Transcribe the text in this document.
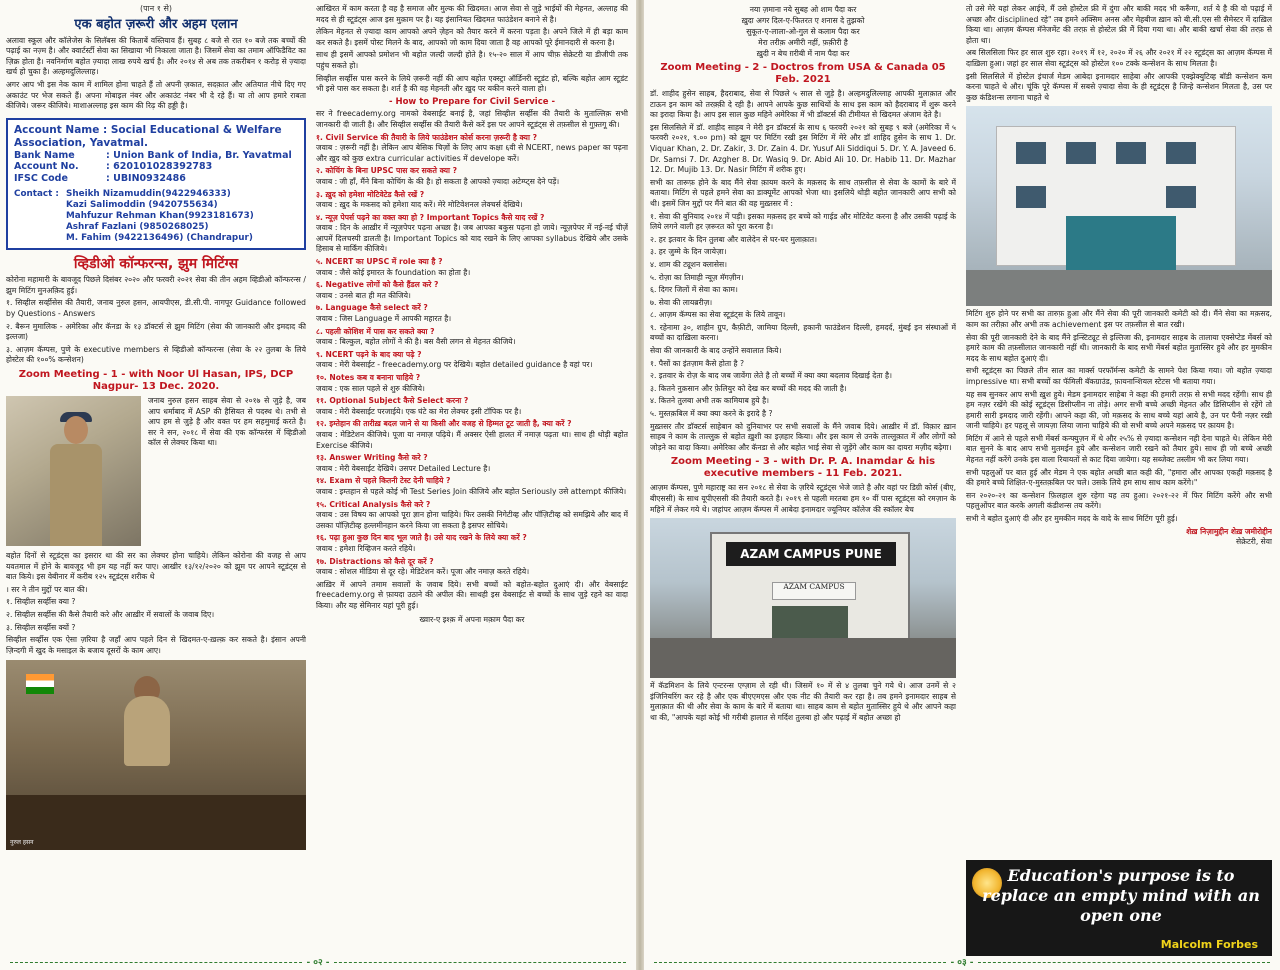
(पान १ से)
एक बहोत ज़रूरी और अहम एलान

अलावा स्कूल और कॉलेजेस के सिलॅबस की किताबें वस्तियाव हैं। सुबह ८ बजे से रात १० बजे तक बच्चों की पढ़ाई का नज़्म है। और क्वार्टर्स्टी सेवा का सिखाया भी निकाला जाता है। जिसमें सेवा का तमाम ऑफिडैविट का ज़िक्र होता है। नवनिर्माण बहोत ज़्यादा लाख रुपये खर्च है। और २०१४ से अब तक तकरीबन १ करोड़ से ज़्यादा खर्च हो चुका है। अल्हमदुलिल्लाह।

अगर आप भी इस नेक काम में शामिल होना चाहते हैं तो अपनी ज़कात, सदक़ात और अतियात नीचे दिए गए अकाउंट पर भेज सकते हैं। अपना मोबाइल नंबर और अकाउंट नंबर भी दे रहे हैं। या तो आप हमारे राबता कीजिये। जरूर कीजिये। माशाअल्लाह इस काम की रिढ़ की हड्डी है।

Account Name : Social Educational & Welfare Association, Yavatmal.
Bank Name	: Union Bank of India, Br. Yavatmal
Account No.	: 620101028392783
IFSC Code	: UBIN0932486
Contact : Sheikh Nizamuddin(9422946333)
Kazi Salimoddin (9420755634)
Mahfuzur Rehman Khan(9923181673)
Ashraf Fazlani (9850268025)
M. Fahim (9422136496) (Chandrapur)
व्हिडीओ कॉन्फरन्स, झुम मिटिंग्स

कोरोना महामारी के बावजूद पिछले दिसंबर २०२० और फरवरी २०२१ सेवा की तीन अहम व्हिडीओ कॉन्फरन्स / झुम मिटिंग मुनअक़िद हुई।

१. सिव्हील सर्व्हीसेस की तैयारी, जनाब नुरुल हसन, आयपीएस, डी.सी.पी. नागपूर Guidance followed by Questions - Answers

२. बैरून मुमालिक - अमेरिका और कॅनडा के १३ डॉक्टर्स से झुम मिटिंग (सेवा की जानकारी और इमदाद की इल्तजा)

३. आज़म कॅम्पस, पुणे के executive members से व्हिडीओ कॉन्फरन्स (सेवा के २२ तुलबा के लिये होस्टेल की १००% कन्सेशन)

Zoom Meeting - 1 - with Noor Ul Hasan, IPS, DCP Nagpur- 13 Dec. 2020.

जनाब नुरुल हसन साहब सेवा से २०१७ से जुड़े है, जब आप धर्माबाद में ASP की हैसियत से पदस्थ थे। तभी से आप हम से जुड़े है और वक्त पर हम सहमुमाई करते है। सर ने सन, २०१८ में सेवा की एक कॉन्फरंस में व्हिडीओ कॉल से लेक्चर किया था।

बहोत दिनों से स्टूडंट्स का इसरार था की सर का लेक्चर होना चाहिये। लेकिन कोरोना की वजह से आप यवतमाल में होने के बावजूद भी हम यह नहीं कर पाए। आखीर १३/१२/२०२० को झूम पर आपने स्टूडंट्स से बात किये। इस वेबीनार में करीब १२५ स्टूडंट्स शरीक थे

। सर ने तीन मुद्दों पर बात की।

१. सिव्हील सर्व्हीस क्या ?

२. सिव्हील सर्व्हीस की कैसे तैयारी करे और आख़ीर में सवालों के जवाब दिए।

३. सिव्हील सर्व्हीस क्यों ?

सिव्हील सर्व्हीस एक ऐसा ज़रिया है जहाँ आप पहले दिन से खिदमत-ए-ख़ल्क़ कर सकते है। इंसान अपनी ज़िन्दगी में खुद के मसाइल के बजाय दूसरों के काम आए।

नुरुल हसन

आखिरत में काम करता है वह है समाज और मुल्क की खिदमत। आज सेवा से जुड़े भाईयों की मेहनत, अल्लाह की मदद से ही स्टूडंट्स आज इस मुक़ाम पर है। यह इंसानियत खिदमत फाउंडेशन बनाने से है।

लेकिन मेहनत से ज़्यादा काम आपको अपने ज़ेहन को तैयार करने में करना पड़ता है। अपने जिले में ही बड़ा काम कर सकते है। इसमें पोस्ट मिलने के बाद, आपको जो काम दिया जाता है वह आपको पूरे ईमानदारी से करना है।

साथ ही इसमें आपको प्रमोशन भी बहोत जल्दी जल्दी होते है। १५-२० साल में आप चीफ़ सेक्रेटरी या डीजीपी तक पहुंच सकते हो।

सिव्हील सर्व्हीस पास करने के लिये ज़रूरी नहीं की आप बहोत एक्स्ट्रा ऑर्डिनरी स्टूडंट हो, बल्कि बहोत आम स्टूडंट भी इसे पास कर सकता है। शर्त है की वह मेहनती और ख़ुद पर यकीन करने वाला हो।

- How to Prepare for Civil Service -

सर ने freecademy.org नामको वेबसाईट बनाई है, जहां सिव्हील सर्व्हीस की तैयारी के मुताल्लिक़ सभी जानकारी दी जाती है। और सिव्हील सर्व्हीस की तैयारी कैसे करें इस पर आपने स्टूडंट्स से तफ़सील से गुफ़्तगू की।

१. Civil Service की तैयारी के लिये फाउंडेशन कोर्स करना ज़रूरी है क्या ?

जवाब : ज़रूरी नहीं है। लेकिन आप बेसिक चिज़ों के लिए आप कक्षा ६वी से NCERT, news paper का पढ़ना और ख़ुद को कुछ extra curricular activities में develope करें।

२. कोचिंग के बिना UPSC पास कर सकते क्या ?

जवाब : जी हाँ, मैंने बिना कोचिंग के की है। हो सकता है आपको ज़्यादा अटेम्प्ट्स देने पड़ें।

३. ख़ुद को हमेशा मोटिवेटेड कैसे रखें ?

जवाब : ख़ुद के मकसद को हमेशा याद करें। मेरे मोटिवेशनल लेक्चर्स देखिये।

४. न्यूज़ पेपर्स पढ़ने का वक्त क्या हो ? Important Topics कैसे याद रखें ?

जवाब : दिन के आख़ीर में न्यूज़पेपर पढ़ना अच्छा है। जब आपका बकुस पढ़ना हो जाये। न्यूज़पेपर में नई-नई चीज़ें आपमें दिलचस्पी डालती है। Important Topics को याद रखने के लिए आपका syllabus देखिये और उसके हिसाब से मार्किंग कीजिये।

५. NCERT का UPSC में role क्या है ?

जवाब : जैसे कोई इमारत के foundation का होता है।

६. Negative लोगों को कैसे हैंडल करे ?

जवाब : उनसे बात ही मत कीजिये।

७. Language कैसे select करें ?

जवाब : जिस Language में आपकी महारत है।

८. पहली कोशिश में पास कर सकते क्या ?

जवाब : बिल्कुल, बहोत लोगों ने की है। बस वैसी लगन से मेहनत कीजिये।

९. NCERT पढ़ने के बाद क्या पढ़े ?

जवाब : मेरी वेबसाईट - freecademy.org पर देखिये। बहोत detailed guidance है वहां पर।

१०. Notes कब व बनाना चाहिये ?

जवाब : एक साल पहले से शुरु कीजिये।

११. Optional Subject कैसे Select करना ?

जवाब : मेरी वेबसाईट परजाईये। एक घंटे का मेरा लेक्चर इसी टॉपिक पर है।

१२. इम्तेहान की तारीख़ बदल जाने से या किसी और वजह से हिम्मत टूट जाती है, क्या करें ?

जवाब : मेडिटेशन कीजिये। पूजा या नमाज़ पढ़िये। मैं अक्सर ऐसी हालत में नमाज़ पढ़ता था। साथ ही थोड़ी बहोत Exercise कीजिये।

१३. Answer Writing कैसे करे ?

जवाब : मेरी वेबसाईट देखिये। उसपर Detailed Lecture है।

१४. Exam से पहले कितनी टेस्ट देनी चाहिये ?

जवाब : इम्तहान से पहले कोई भी Test Series Join कीजिये और बहोत Seriously उसे attempt कीजिये।

१५. Critical Analysis कैसे करे ?

जवाब : उस विषय का आपको पूरा ज्ञान होना चाहिये। फिर उसकी निगेटीव्ह और पॉज़िटीव्ह को समझिये और बाद में उसका पॉज़िटीव्ह हल्लमीनहान करने किया जा सकता है इसपर सोचिये।

१६. पढ़ा हुआ कुछ दिन बाद भूल जाते है। उसे याद रखने के लिये क्या करें ?

जवाब : हमेशा रिव्हिजन करते रहिये।

१७. Distractions को कैसे दूर करें ?

जवाब : सोशल मीडिया से दूर रहे। मेडिटेशन करें। पूजा और नमाज़ करते रहिये।

आख़िर में आपने तमाम सवालों के जवाब दिये। सभी बच्चों को बहोत-बहोत दुआएं दी। और वेबसाईट freecademy.org से फ़ायदा उठाने की अपील की। साथही इस वेबसाईट से बच्चों के साथ जुड़े रहने का वादा किया। और यह सेमिनार यहां पूरी हुई।

ख्वार-ए इश्क़ में अपना मक़ाम पैदा कर
- ०२ -
नया ज़माना नये सुबह ओ शाम पैदा कर
ख़ुदा अगर दिल-ए-फितरत ए शनास दे तुझको
सुकूत-ए-लाला-ओ-गुल से कलाम पैदा कर
मेरा तरीक़ अमीरी नहीं, फ़क़ीरी है
ख़ुदी न बेच ग़रीबी में नाम पैदा कर
Zoom Meeting - 2 - Doctros from USA & Canada 05 Feb. 2021

डॉ. शाहीद हुसेन साहब, हैदराबाद, सेवा से पिछले ५ साल से जुड़े है। अल्हमदुलिल्लाह आपकी मुलाक़ात और टाऊन इन काम को तरक़्क़ी दे रही है। आपने आपके कुछ साथियों के साथ इस काम को हैदराबाद में शुरू करने का इरादा किया है। आप इस साल कुछ महिने अमेरिका में भी डॉक्टर्स की टीमीयत से खिदमत अंजाम देते है।

इस सिलसिले में डॉ. शाहीद साहब ने मेरी इन डॉक्टर्स के साथ ६ फरवरी २०२१ को सुबह ९ बजे (अमेरिका में ५ फरवरी २०२१, ९.०० pm) को झूम पर मिटिंग रखी इस मिटिंग में मेरे और डॉ शाहिद हुसेन के साथ 1. Dr. Viquar Khan, 2. Dr. Zakir, 3. Dr. Zain 4. Dr. Yusuf Ali Siddiqui 5. Dr. Y. A. Javeed 6. Dr. Samsi 7. Dr. Azgher 8. Dr. Wasiq 9. Dr. Abid Ali 10. Dr. Habib 11. Dr. Mazhar 12. Dr. Mujib 13. Dr. Nasir मिटिंग में शरीक हुए।

सभी का तारूफ़ होने के बाद मैंने सेवा क़ायम करने के मक़सद के साथ तफ़सील से सेवा के कामों के बारे में बताया। मिटिंग से पहले हमने सेवा का डाक्यूमेंट आपको भेजा था। इसलिये थोड़ी बहोत जानकारी आप सभी को थी। इसमें जिन मुद्दों पर मैंने बात की वह मुख़्तसर में :

१. सेवा की बुनियाद २०१४ में पड़ी। इसका मक़सद हर बच्चे को गाईड और मोटिवेट करना है और उसकी पढ़ाई के लिये लगने वाली हर ज़रूरत को पूरा करना है।

२. हर इतवार के दिन तुलबा और वालेदेन से घर-घर मुलाक़ात।

३. हर जुम्मे के दिन जायेज़ा।

४. शाम की ट्यूशन क्लासेस।

५. रोज़ा का तिमाही न्यूज़ मॅगज़ीन।

६. दिगर जिलों में सेवा का काम।

७. सेवा की लायब्ररीज़।

८. आज़म कॅम्पस का सेवा स्टूडंट्स के लिये तावून।

९. रहेनामा ३०, शाहीन ग्रुप, कैफ़ीटी, जामिया दिल्ली, हकानी फाउंडेशन दिल्ली, हमदर्द, मुंबई इन संस्थाओं में बच्चों का दाख़िला करना।

सेवा की जानकारी के बाद उन्होंने सवालात किये।

१. पैसों का इंतज़ाम कैसे होता है ?

२. इतवार के रोज़ के बाद जब जावेंगा लेते है तो बच्चों में क्या क्या बदलाव दिखाई देता है।

३. कितने नुक़सान और फ़ेलियुर को देख कर बच्चों की मदद की जाती है।

४. कितने तुलबा अभी तक कामियाब हुये है।

५. मुस्तक़बिल में क्या क्या करने के इरादे है ?

मुख़्तसर तौर डॉक्टर्स साहेबान को दुनियाभर पर सभी सवालों के मैंने जवाब दिये। आख़ीर में डॉ. विक़ार ख़ान साहब ने काम के ताल्लुक़ से बहोत ख़ुशी का इज़हार किया। और इस काम से उनके ताल्लुक़ात में और लोगों को जोड़ने का वादा किया। अमेरिका और कॅनडा से और बहोत भाई सेवा से जुड़ेंगे और काम का दायरा मज़ीद बढ़ेगा।

Zoom Meeting - 3 - with Dr. P. A. Inamdar & his executive members - 11 Feb. 2021.

आज़म कॅम्पस, पुणे महाराष्ट्र का सन २०१८ से सेवा के ज़रिये स्टूडंट्स भेजे जाते है और वहां पर डिग्री कोर्स (बीए, बीएससी) के साथ यूपीएससी की तैयारी करते है। २०१९ से पहली मरतबा हम १० वीं पास स्टूडंट्स को रमज़ान के महिने में लेकर गये थे। जहांपर आज़म कॅम्पस में आबेदा इनामदार ज्यूनियर कॉलेज की स्कॉलर बेच

AZAM CAMPUS PUNE
AZAM CAMPUS

में कॅडमिशन के लिये एन्टरन्स एग्ज़ाम ले रही थी। जिसमें १० में से ४ तुलबा चुने गये थे। आज उनमें से २ इंजिनियरिंग कर रहे है और एक बीएएमएस और एक नीट की तैयारी कर रहा है। तब हमने इनामदार साहब से मुलाक़ात की थी और सेवा के काम के बारे में बताया था। साहब काम से बहोत मुतास्सिर हुये थे और आपने कहा था की, "आपके यहां कोई भी गरीबी हालात से गर्दिश तुलबा हो और पढ़ाई में बहोत अच्छा हो

तो उसे मेरे यहां लेकर आईये, मैं उसे होस्टेल फ्री में दुंगा और बाकी मदद भी करूँगा, शर्त ये है की वो पढ़ाई में अच्छा और disciplined रहे" तब हमने अक्सिम अनस और मेहबीज ख़ान को बी.सी.एस सी सैमेस्टर में दाख़िल किया था। आज़म कॅम्पस मॅनेजमेंट की तरफ़ से होस्टेल फ्री मेें दिया गया था। और बाकी खर्चा सेवा की तरफ़ से होता था।

अब सिलसिला फिर हर साल शुरु रहा। २०१९ में १२, २०२० में २६ और २०२१ में २२ स्टूडंट्स का आज़म कॅम्पस में दाख़िला हुआ। जहां हर साल सेवा स्टूडंट्स को होस्टेल १०० टक्के कन्सेशन के साथ मिलता है।

इसी सिलसिले में होस्टेल इंचार्ज मेडम आबेदा इनामदार साहेबा और आपकी एक्झेक्युटिव्ह बॉडी कन्सेशन कम करना चाहते थे और। चूंकि पूरे कॅम्पस में सबसे ज़्यादा सेवा के ही स्टूडंट्स है जिन्हे कन्सेशन मिलता है, उस पर कुछ कंडिशन्स लगाना चाहते थे

मिटिंग शुरु होने पर सभी का तारुफ़ हुआ और मैंने सेवा की पूरी जानकारी कमेटी को दी। मैंने सेवा का मक़सद, काम का तरीक़ा और अभी तक achievement इस पर तफ़सील से बात रखी।

सेवा की पूरी जानकारी देने के बाद मैंने इन्स्टिट्यूट से इल्तिजा की, इनामदार साहब के तालाया एक्सेप्टेड मेंबर्स को हमारे काम की तफ़सीलात जानकारी नहीं थी। जानकारी के बाद सभी मेंबर्स बहोत मुतास्सिर हुये और हर मुमकीन मदद के साथ बहोत दुआएं दी।

सभी स्टूडंट्स का पिछले तीन साल का मार्क्स परफॉर्मन्स कमेटी के सामने पेश किया गया। जो बहोत ज़्यादा impressive था। सभी बच्चों का फॅमिली बॅकग्राउंड, फ़ायनान्शियल स्टेटस भी बताया गया।

यह सब सुनकर आप सभी ख़ुश हुये। मेडम इनामदार साहेबा ने कहा की हमारी तरफ़ से सभी मदद रहेंगी। साथ ही हम नज़र रखेंगे की कोई स्टूडंट्स डिसीप्लीन ना तोड़े। अगर सभी बच्चे अच्छी मेहनत और डिसिप्लीन से रहेंगे तो हमारी सारी इमदाद जारी रहेंगी। आपने कहा की, जो मक़सद के साथ बच्चे यहां आये है, उन पर पैनी नज़र रखी जानी चाहिये। हर पहलू से जायज़ा लिया जाना चाहिये की वो सभी बच्चे अपने मक़सद पर क़ायम है।

मिटिंग में आने से पहले सभी मेंबर्स कन्फ्युज़न में थे और २५% से ज़्यादा कन्सेशन नही देना चाहते थे। लेकिन मेरी बात सुनने के बाद आप सभी मुतमईन हुये और कन्सेशन जारी रखने को तैयार हुये। साथ ही जो बच्चे अच्छी मेहनत नहीं करेंगे उनके इस वाला रियायतों से काट दिया जायेगा। यह सब्जेक्ट तस्लीम भी कर लिया गया।

सभी पहलुओं पर बात हुई और मेडम ने एक बहोत अच्छी बात कही की, "हमारा और आपका एकही मक़सद है की हमारे बच्चे शिक्षित-ए-मुस्तक़बिल पर चले। उसके लिये हम साथ साथ काम करेंगे।"

सन २०२०-२१ का कन्सेशन फ़िलहाल शुरु रहेगा यह तय हुआ। २०२१-२२ में फिर मिटिंग करेंगे और सभी पहलुओंपर बात करके अगली कंडीशन्स तय करेंगे।

सभी ने बहोत दुआएं दी और हर मुमकीन मदद के वादे के साथ मिटिंग पूरी हुई।

शेख़ निज़ामुद्दीन शेख़ जमीरोद्दीन
सेक्रेटरी, सेवा
Education's purpose is to replace an empty mind with an open one
Malcolm Forbes
- ०३ -
